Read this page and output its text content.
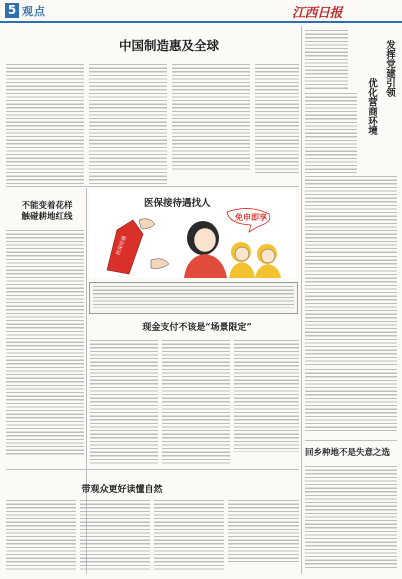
5 观点	江西日报
中国制造惠及全球	发挥党建引领
优化营商环境
回乡种地不是失意之选
不能变着花样
触碰耕地红线
带观众更好读懂自然
医保接待遇找人
医保待遇
免申即享
现金支付不该是“场景限定”
